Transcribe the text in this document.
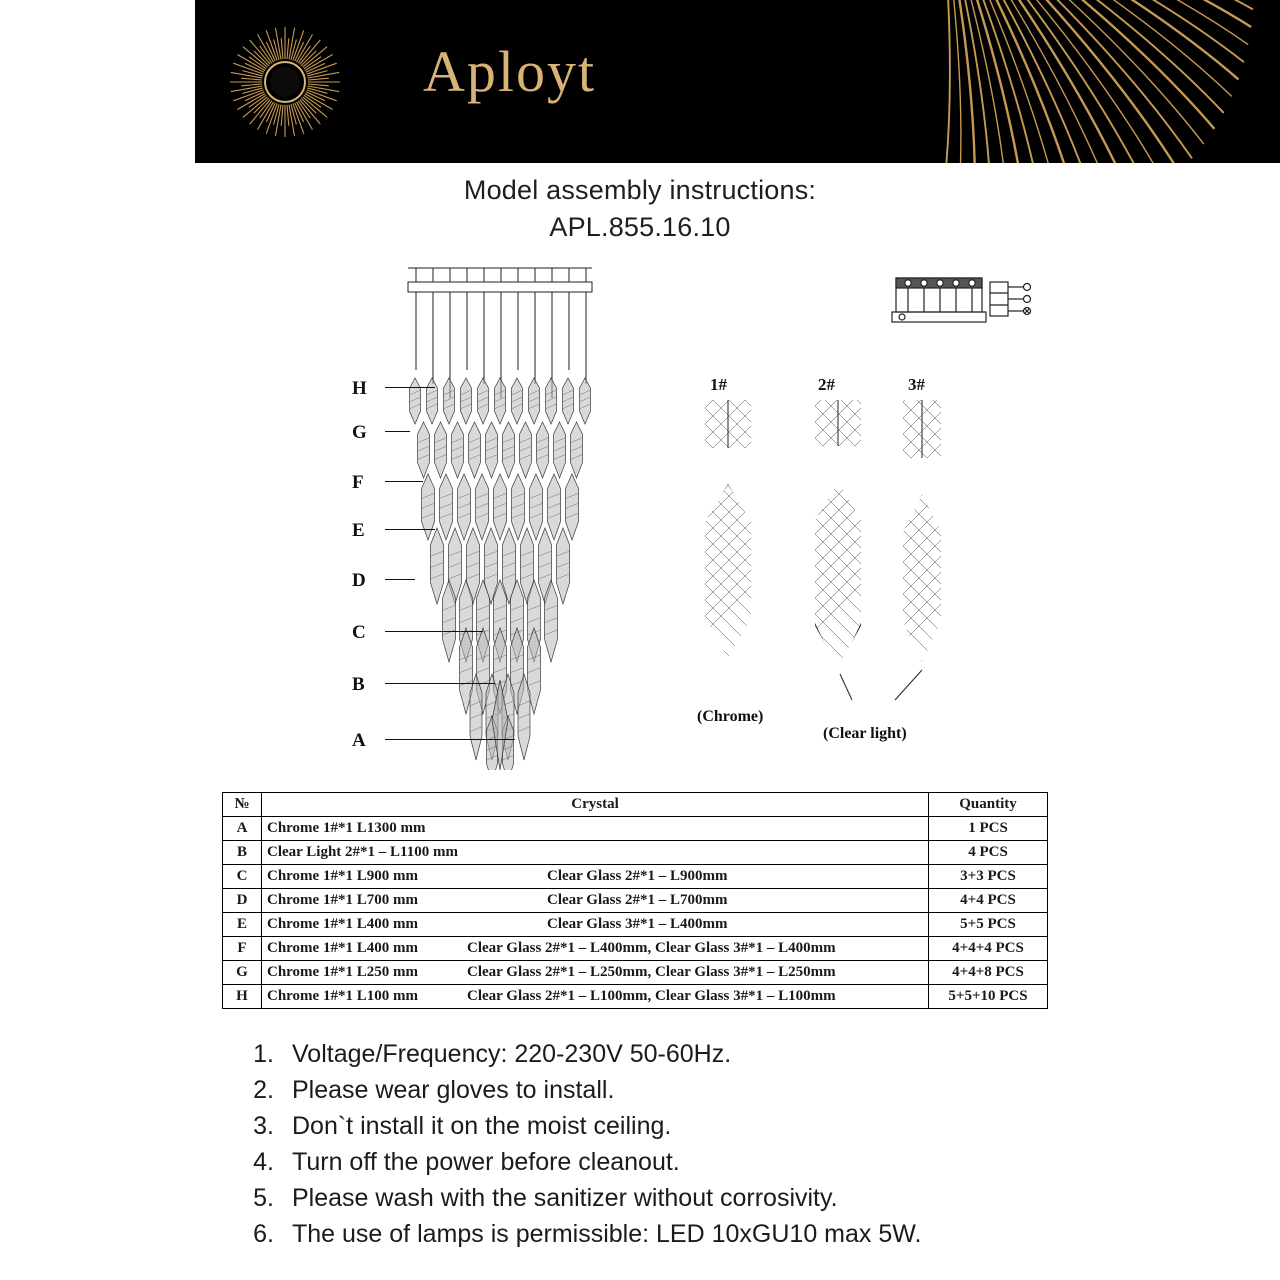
Aployt
Model assembly instructions:
APL.855.16.10
H
G
F
E
D
C
B
A
1#	2#	3#
(Chrome)
(Clear light)
№	Crystal	Quantity
A	Chrome 1#*1 L1300 mm	1 PCS
B	Clear Light 2#*1 – L1100 mm	4 PCS
C	Chrome 1#*1 L900 mm Clear Glass 2#*1 – L900mm	3+3 PCS
D	Chrome 1#*1 L700 mm Clear Glass 2#*1 – L700mm	4+4 PCS
E	Chrome 1#*1 L400 mm Clear Glass 3#*1 – L400mm	5+5 PCS
F	Chrome 1#*1 L400 mm Clear Glass 2#*1 – L400mm, Clear Glass 3#*1 – L400mm	4+4+4 PCS
G	Chrome 1#*1 L250 mm Clear Glass 2#*1 – L250mm, Clear Glass 3#*1 – L250mm	4+4+8 PCS
H	Chrome 1#*1 L100 mm Clear Glass 2#*1 – L100mm, Clear Glass 3#*1 – L100mm	5+5+10 PCS
1. Voltage/Frequency: 220-230V 50-60Hz.
2. Please wear gloves to install.
3. Don`t install it on the moist ceiling.
4. Turn off the power before cleanout.
5. Please wash with the sanitizer without corrosivity.
6. The use of lamps is permissible: LED 10xGU10 max 5W.
